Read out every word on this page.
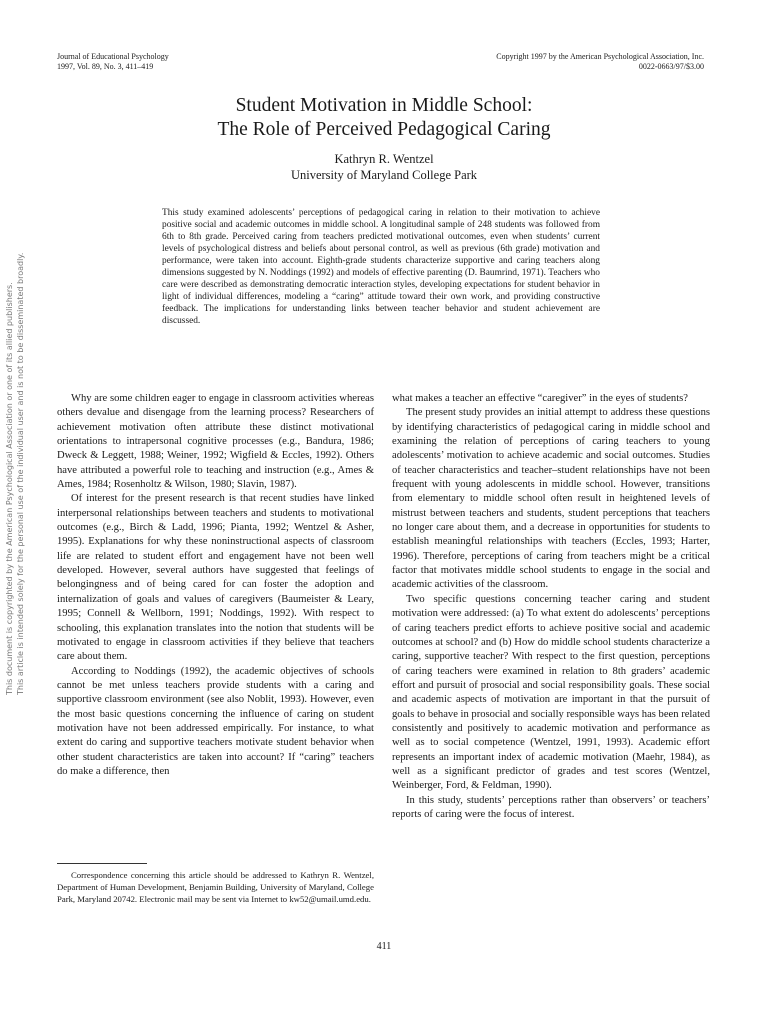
Journal of Educational Psychology
1997, Vol. 89, No. 3, 411–419
Copyright 1997 by the American Psychological Association, Inc.
0022-0663/97/$3.00
Student Motivation in Middle School:
The Role of Perceived Pedagogical Caring
Kathryn R. Wentzel
University of Maryland College Park
This study examined adolescents’ perceptions of pedagogical caring in relation to their motivation to achieve positive social and academic outcomes in middle school. A longitudinal sample of 248 students was followed from 6th to 8th grade. Perceived caring from teachers predicted motivational outcomes, even when students’ current levels of psychological distress and beliefs about personal control, as well as previous (6th grade) motivation and performance, were taken into account. Eighth-grade students characterize supportive and caring teachers along dimensions suggested by N. Noddings (1992) and models of effective parenting (D. Baumrind, 1971). Teachers who care were described as demonstrating democratic interaction styles, developing expectations for student behavior in light of individual differences, modeling a “caring” attitude toward their own work, and providing constructive feedback. The implications for understanding links between teacher behavior and student achievement are discussed.

Why are some children eager to engage in classroom activities whereas others devalue and disengage from the learning process? Researchers of achievement motivation often attribute these distinct motivational orientations to intrapersonal cognitive processes (e.g., Bandura, 1986; Dweck & Leggett, 1988; Weiner, 1992; Wigfield & Eccles, 1992). Others have attributed a powerful role to teaching and instruction (e.g., Ames & Ames, 1984; Rosenholtz & Wilson, 1980; Slavin, 1987).

Of interest for the present research is that recent studies have linked interpersonal relationships between teachers and students to motivational outcomes (e.g., Birch & Ladd, 1996; Pianta, 1992; Wentzel & Asher, 1995). Explanations for why these noninstructional aspects of classroom life are related to student effort and engagement have not been well developed. However, several authors have suggested that feelings of belongingness and of being cared for can foster the adoption and internalization of goals and values of caregivers (Baumeister & Leary, 1995; Connell & Wellborn, 1991; Noddings, 1992). With respect to schooling, this explanation translates into the notion that students will be motivated to engage in classroom activities if they believe that teachers care about them.

According to Noddings (1992), the academic objectives of schools cannot be met unless teachers provide students with a caring and supportive classroom environment (see also Noblit, 1993). However, even the most basic questions concerning the influence of caring on student motivation have not been addressed empirically. For instance, to what extent do caring and supportive teachers motivate student behavior when other student characteristics are taken into account? If “caring” teachers do make a difference, then

what makes a teacher an effective “caregiver” in the eyes of students?

The present study provides an initial attempt to address these questions by identifying characteristics of pedagogical caring in middle school and examining the relation of perceptions of caring teachers to young adolescents’ motivation to achieve academic and social outcomes. Studies of teacher characteristics and teacher–student relationships have not been frequent with young adolescents in middle school. However, transitions from elementary to middle school often result in heightened levels of mistrust between teachers and students, student perceptions that teachers no longer care about them, and a decrease in opportunities for students to establish meaningful relationships with teachers (Eccles, 1993; Harter, 1996). Therefore, perceptions of caring from teachers might be a critical factor that motivates middle school students to engage in the social and academic activities of the classroom.

Two specific questions concerning teacher caring and student motivation were addressed: (a) To what extent do adolescents’ perceptions of caring teachers predict efforts to achieve positive social and academic outcomes at school? and (b) How do middle school students characterize a caring, supportive teacher? With respect to the first question, perceptions of caring teachers were examined in relation to 8th graders’ academic effort and pursuit of prosocial and social responsibility goals. These social and academic aspects of motivation are important in that the pursuit of goals to behave in prosocial and socially responsible ways has been related consistently and positively to academic motivation and performance as well as to social competence (Wentzel, 1991, 1993). Academic effort represents an important index of academic motivation (Maehr, 1984), as well as a significant predictor of grades and test scores (Wentzel, Weinberger, Ford, & Feldman, 1990).

In this study, students’ perceptions rather than observers’ or teachers’ reports of caring were the focus of interest.

Correspondence concerning this article should be addressed to Kathryn R. Wentzel, Department of Human Development, Benjamin Building, University of Maryland, College Park, Maryland 20742. Electronic mail may be sent via Internet to kw52@umail.umd.edu.

411
This document is copyrighted by the American Psychological Association or one of its allied publishers. This article is intended solely for the personal use of the individual user and is not to be disseminated broadly.
